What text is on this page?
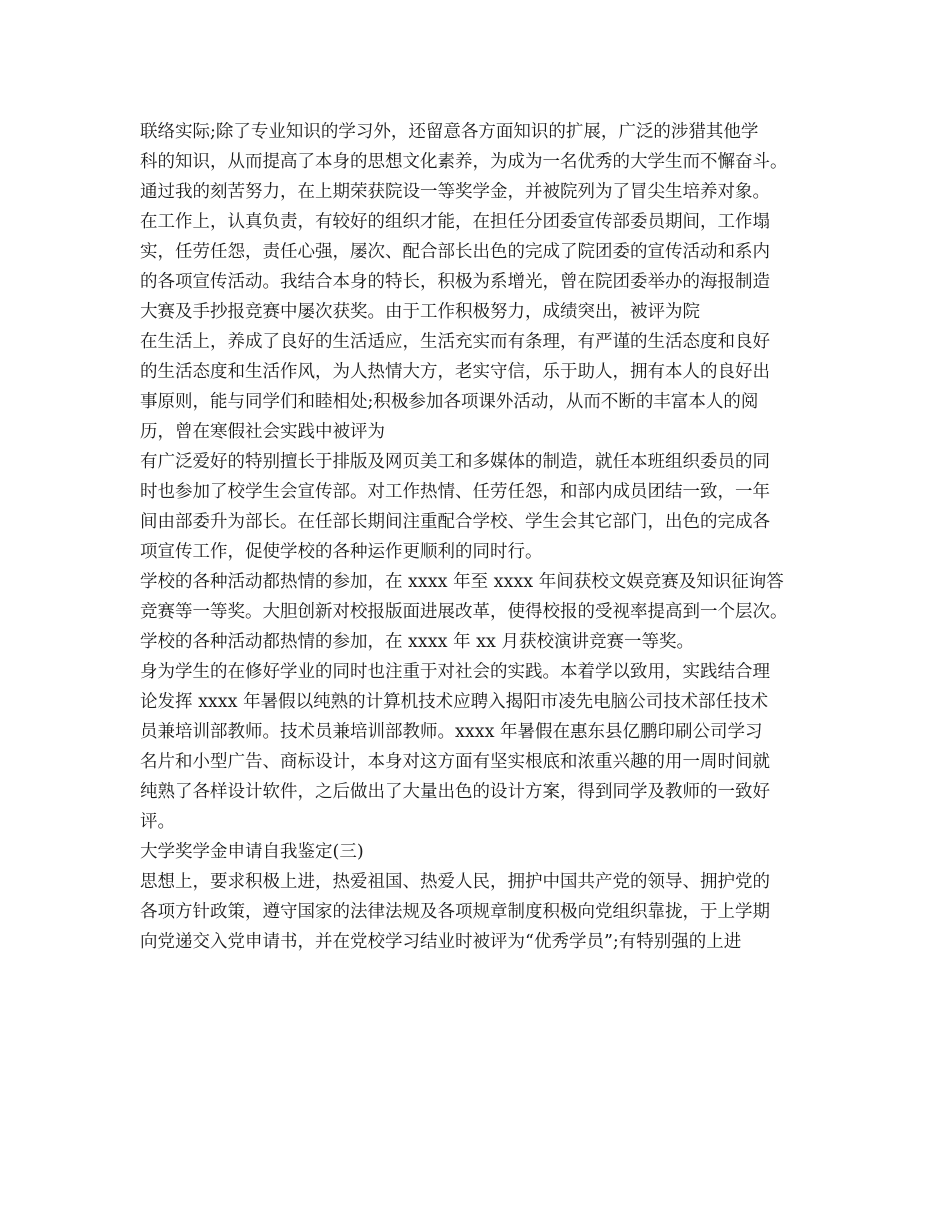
联络实际;除了专业知识的学习外，还留意各方面知识的扩展，广泛的涉猎其他学
科的知识，从而提高了本身的思想文化素养，为成为一名优秀的大学生而不懈奋斗。
通过我的刻苦努力，在上期荣获院设一等奖学金，并被院列为了冒尖生培养对象。
在工作上，认真负责，有较好的组织才能，在担任分团委宣传部委员期间，工作塌
实，任劳任怨，责任心强，屡次、配合部长出色的完成了院团委的宣传活动和系内
的各项宣传活动。我结合本身的特长，积极为系增光，曾在院团委举办的海报制造
大赛及手抄报竞赛中屡次获奖。由于工作积极努力，成绩突出，被评为院
在生活上，养成了良好的生活适应，生活充实而有条理，有严谨的生活态度和良好
的生活态度和生活作风，为人热情大方，老实守信，乐于助人，拥有本人的良好出
事原则，能与同学们和睦相处;积极参加各项课外活动，从而不断的丰富本人的阅
历，曾在寒假社会实践中被评为
有广泛爱好的特别擅长于排版及网页美工和多媒体的制造，就任本班组织委员的同
时也参加了校学生会宣传部。对工作热情、任劳任怨，和部内成员团结一致，一年
间由部委升为部长。在任部长期间注重配合学校、学生会其它部门，出色的完成各
项宣传工作，促使学校的各种运作更顺利的同时行。
学校的各种活动都热情的参加，在 xxxx 年至 xxxx 年间获校文娱竞赛及知识征询答
竞赛等一等奖。大胆创新对校报版面进展改革，使得校报的受视率提高到一个层次。
学校的各种活动都热情的参加，在 xxxx 年 xx 月获校演讲竞赛一等奖。
身为学生的在修好学业的同时也注重于对社会的实践。本着学以致用，实践结合理
论发挥 xxxx 年暑假以纯熟的计算机技术应聘入揭阳市凌先电脑公司技术部任技术
员兼培训部教师。技术员兼培训部教师。xxxx 年暑假在惠东县亿鹏印刷公司学习
名片和小型广告、商标设计，本身对这方面有坚实根底和浓重兴趣的用一周时间就
纯熟了各样设计软件，之后做出了大量出色的设计方案，得到同学及教师的一致好
评。
大学奖学金申请自我鉴定(三)
思想上，要求积极上进，热爱祖国、热爱人民，拥护中国共产党的领导、拥护党的
各项方针政策，遵守国家的法律法规及各项规章制度积极向党组织靠拢，于上学期
向党递交入党申请书，并在党校学习结业时被评为“优秀学员”;有特别强的上进
